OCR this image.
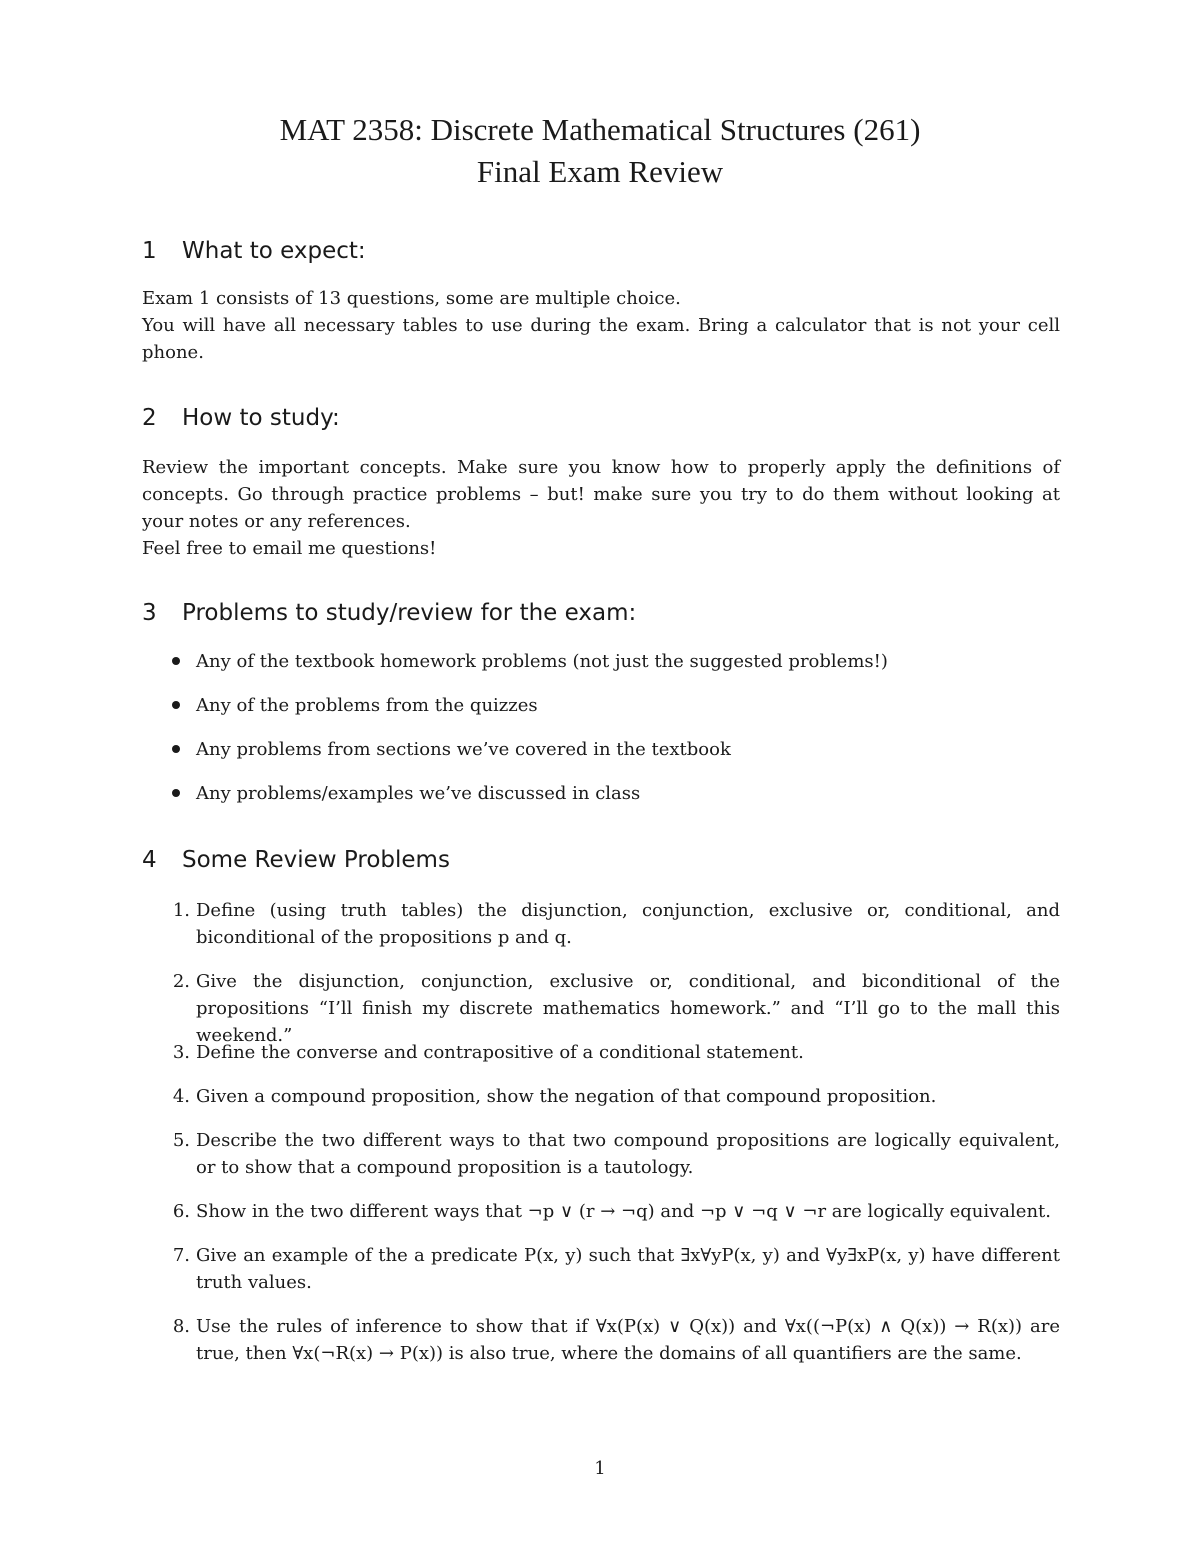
MAT 2358: Discrete Mathematical Structures (261)
Final Exam Review
1 What to expect:

Exam 1 consists of 13 questions, some are multiple choice.

You will have all necessary tables to use during the exam. Bring a calculator that is not your cell phone.

2 How to study:

Review the important concepts. Make sure you know how to properly apply the definitions of concepts. Go through practice problems – but! make sure you try to do them without looking at your notes or any references.

Feel free to email me questions!

3 Problems to study/review for the exam:
Any of the textbook homework problems (not just the suggested problems!)
Any of the problems from the quizzes
Any problems from sections we’ve covered in the textbook
Any problems/examples we’ve discussed in class
4 Some Review Problems
1. Define (using truth tables) the disjunction, conjunction, exclusive or, conditional, and biconditional of the propositions p and q.
2. Give the disjunction, conjunction, exclusive or, conditional, and biconditional of the propositions “I’ll finish my discrete mathematics homework.” and “I’ll go to the mall this weekend.”
3. Define the converse and contrapositive of a conditional statement.
4. Given a compound proposition, show the negation of that compound proposition.
5. Describe the two different ways to that two compound propositions are logically equivalent, or to show that a compound proposition is a tautology.
6. Show in the two different ways that ¬p ∨ (r → ¬q) and ¬p ∨ ¬q ∨ ¬r are logically equivalent.
7. Give an example of the a predicate P(x, y) such that ∃x∀yP(x, y) and ∀y∃xP(x, y) have different truth values.
8. Use the rules of inference to show that if ∀x(P(x) ∨ Q(x)) and ∀x((¬P(x) ∧ Q(x)) → R(x)) are true, then ∀x(¬R(x) → P(x)) is also true, where the domains of all quantifiers are the same.
1
